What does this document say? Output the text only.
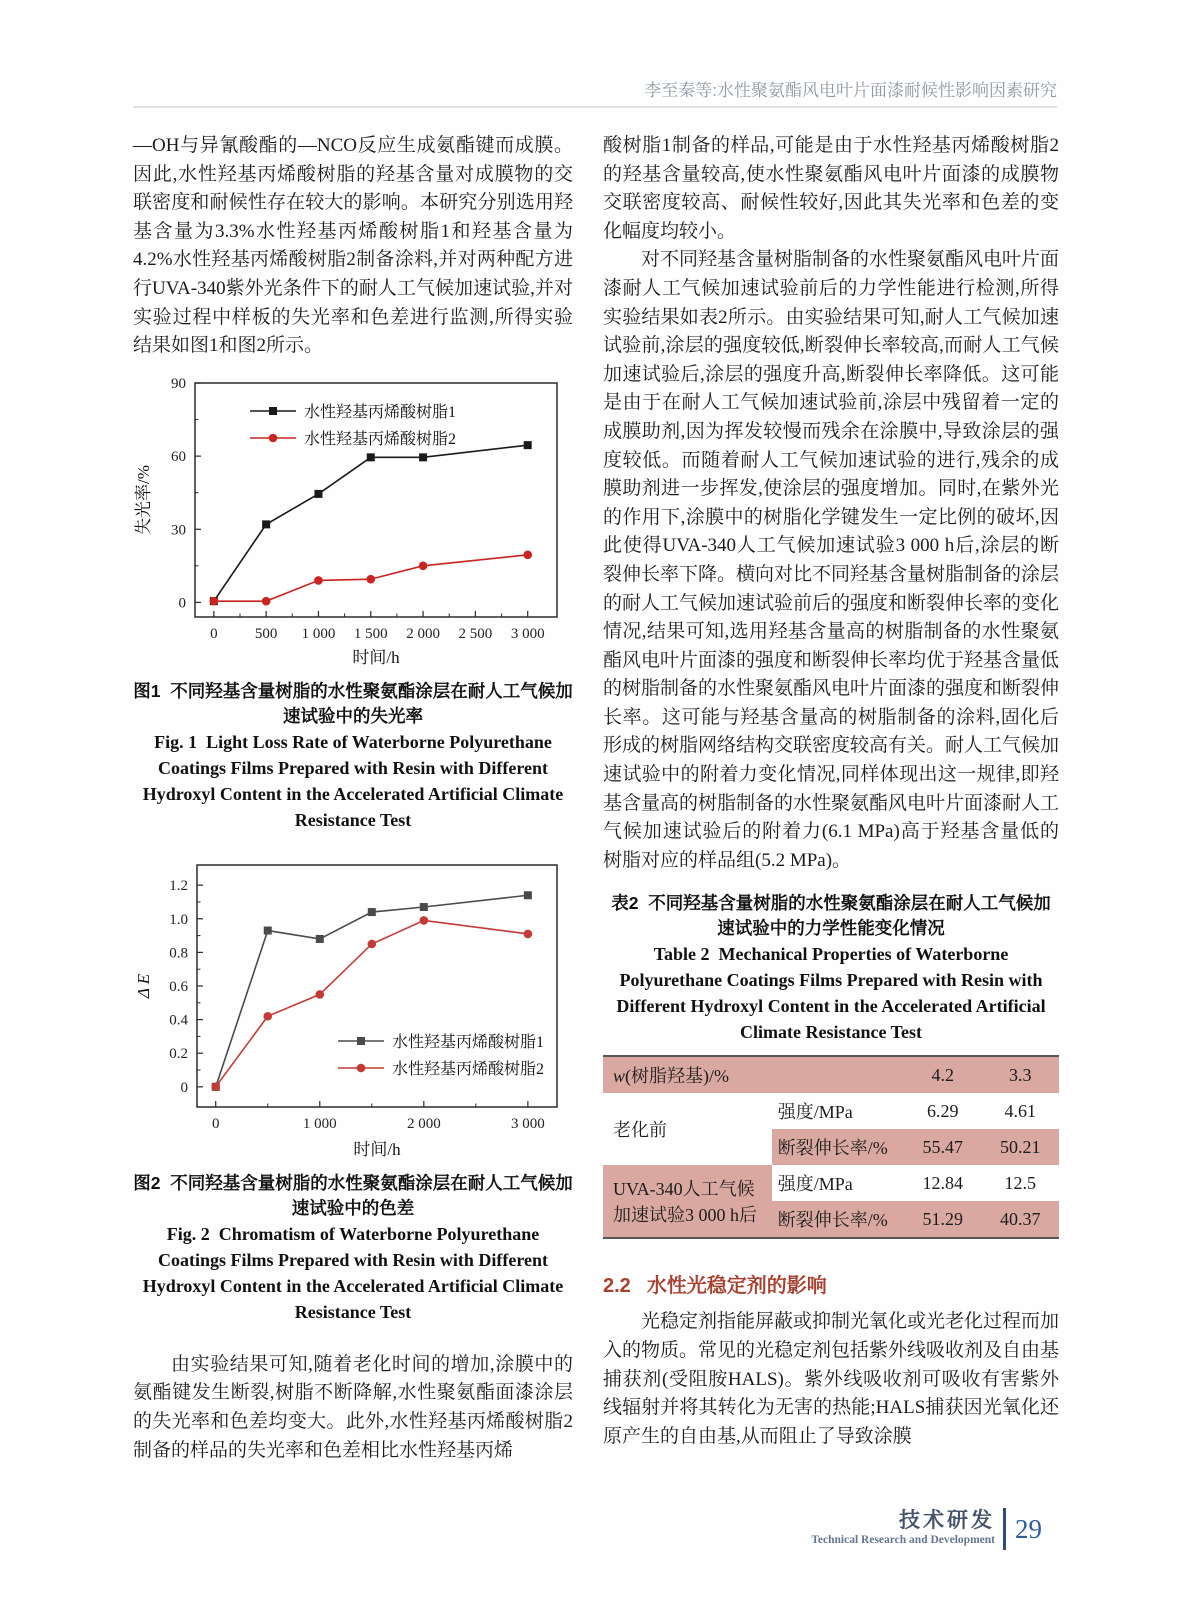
李至秦等:水性聚氨酯风电叶片面漆耐候性影响因素研究

—OH与异氰酸酯的—NCO反应生成氨酯键而成膜。因此,水性羟基丙烯酸树脂的羟基含量对成膜物的交联密度和耐候性存在较大的影响。本研究分别选用羟基含量为3.3%水性羟基丙烯酸树脂1和羟基含量为4.2%水性羟基丙烯酸树脂2制备涂料,并对两种配方进行UVA-340紫外光条件下的耐人工气候加速试验,并对实验过程中样板的失光率和色差进行监测,所得实验结果如图1和图2所示。

0 500 1 000 1 500 2 000 2 500 3 000
0
30
60
90
时间/h
失光率/%
水性羟基丙烯酸树脂1
水性羟基丙烯酸树脂2
图1  不同羟基含量树脂的水性聚氨酯涂层在耐人工气候加速试验中的失光率
Fig. 1  Light Loss Rate of Waterborne Polyurethane Coatings Films Prepared with Resin with Different Hydroxyl Content in the Accelerated Artificial Climate Resistance Test
0	1 000	2 000	3 000
0
0.2
0.4
0.6
0.8
1.0
1.2
时间/h
Δ E
水性羟基丙烯酸树脂1
水性羟基丙烯酸树脂2
图2  不同羟基含量树脂的水性聚氨酯涂层在耐人工气候加速试验中的色差
Fig. 2  Chromatism of Waterborne Polyurethane Coatings Films Prepared with Resin with Different Hydroxyl Content in the Accelerated Artificial Climate Resistance Test

由实验结果可知,随着老化时间的增加,涂膜中的氨酯键发生断裂,树脂不断降解,水性聚氨酯面漆涂层的失光率和色差均变大。此外,水性羟基丙烯酸树脂2制备的样品的失光率和色差相比水性羟基丙烯

酸树脂1制备的样品,可能是由于水性羟基丙烯酸树脂2的羟基含量较高,使水性聚氨酯风电叶片面漆的成膜物交联密度较高、耐候性较好,因此其失光率和色差的变化幅度均较小。

对不同羟基含量树脂制备的水性聚氨酯风电叶片面漆耐人工气候加速试验前后的力学性能进行检测,所得实验结果如表2所示。由实验结果可知,耐人工气候加速试验前,涂层的强度较低,断裂伸长率较高,而耐人工气候加速试验后,涂层的强度升高,断裂伸长率降低。这可能是由于在耐人工气候加速试验前,涂层中残留着一定的成膜助剂,因为挥发较慢而残余在涂膜中,导致涂层的强度较低。而随着耐人工气候加速试验的进行,残余的成膜助剂进一步挥发,使涂层的强度增加。同时,在紫外光的作用下,涂膜中的树脂化学键发生一定比例的破坏,因此使得UVA-340人工气候加速试验3 000 h后,涂层的断裂伸长率下降。横向对比不同羟基含量树脂制备的涂层的耐人工气候加速试验前后的强度和断裂伸长率的变化情况,结果可知,选用羟基含量高的树脂制备的水性聚氨酯风电叶片面漆的强度和断裂伸长率均优于羟基含量低的树脂制备的水性聚氨酯风电叶片面漆的强度和断裂伸长率。这可能与羟基含量高的树脂制备的涂料,固化后形成的树脂网络结构交联密度较高有关。耐人工气候加速试验中的附着力变化情况,同样体现出这一规律,即羟基含量高的树脂制备的水性聚氨酯风电叶片面漆耐人工气候加速试验后的附着力(6.1 MPa)高于羟基含量低的树脂对应的样品组(5.2 MPa)。

表2  不同羟基含量树脂的水性聚氨酯涂层在耐人工气候加速试验中的力学性能变化情况
Table 2  Mechanical Properties of Waterborne Polyurethane Coatings Films Prepared with Resin with Different Hydroxyl Content in the Accelerated Artificial Climate Resistance Test
w(树脂羟基)/%		4.2	3.3
老化前	强度/MPa	6.29	4.61
	断裂伸长率/%	55.47	50.21
UVA-340人工气候加速试验3 000 h后	强度/MPa	12.84	12.5
	断裂伸长率/%	51.29	40.37
2.2 水性光稳定剂的影响

光稳定剂指能屏蔽或抑制光氧化或光老化过程而加入的物质。常见的光稳定剂包括紫外线吸收剂及自由基捕获剂(受阻胺HALS)。紫外线吸收剂可吸收有害紫外线辐射并将其转化为无害的热能;HALS捕获因光氧化还原产生的自由基,从而阻止了导致涂膜

技术研发
Technical Research and Development 29
